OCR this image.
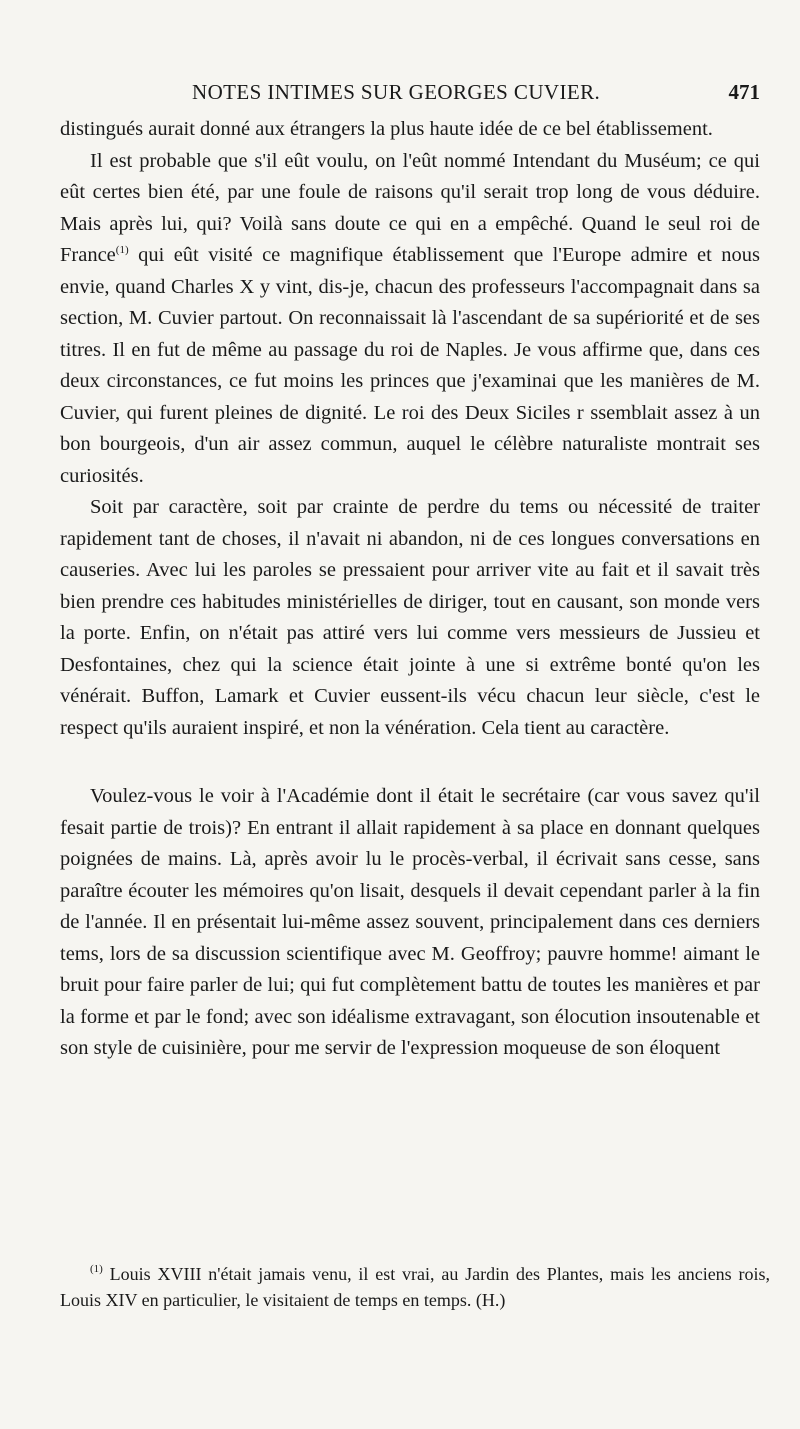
NOTES INTIMES SUR GEORGES CUVIER.	471

distingués aurait donné aux étrangers la plus haute idée de ce bel établissement.

Il est probable que s'il eût voulu, on l'eût nommé Intendant du Muséum; ce qui eût certes bien été, par une foule de raisons qu'il serait trop long de vous déduire. Mais après lui, qui? Voilà sans doute ce qui en a empêché. Quand le seul roi de France$^{(1)}$ qui eût visité ce magnifique établissement que l'Europe admire et nous envie, quand Charles X y vint, dis-je, chacun des professeurs l'accompagnait dans sa section, M. Cuvier partout. On reconnaissait là l'ascendant de sa supériorité et de ses titres. Il en fut de même au passage du roi de Naples. Je vous affirme que, dans ces deux circonstances, ce fut moins les princes que j'examinai que les manières de M. Cuvier, qui furent pleines de dignité. Le roi des Deux Siciles r ssemblait assez à un bon bourgeois, d'un air assez commun, auquel le célèbre naturaliste montrait ses curiosités.

Soit par caractère, soit par crainte de perdre du tems ou nécessité de traiter rapidement tant de choses, il n'avait ni abandon, ni de ces longues conversations en causeries. Avec lui les paroles se pressaient pour arriver vite au fait et il savait très bien prendre ces habitudes ministérielles de diriger, tout en causant, son monde vers la porte. Enfin, on n'était pas attiré vers lui comme vers messieurs de Jussieu et Desfontaines, chez qui la science était jointe à une si extrême bonté qu'on les vénérait. Buffon, Lamark et Cuvier eussent-ils vécu chacun leur siècle, c'est le respect qu'ils auraient inspiré, et non la vénération. Cela tient au caractère.

Voulez-vous le voir à l'Académie dont il était le secrétaire (car vous savez qu'il fesait partie de trois)? En entrant il allait rapidement à sa place en donnant quelques poignées de mains. Là, après avoir lu le procès-verbal, il écrivait sans cesse, sans paraître écouter les mémoires qu'on lisait, desquels il devait cependant parler à la fin de l'année. Il en présentait lui-même assez souvent, principalement dans ces derniers tems, lors de sa discussion scientifique avec M. Geoffroy; pauvre homme! aimant le bruit pour faire parler de lui; qui fut complètement battu de toutes les manières et par la forme et par le fond; avec son idéalisme extravagant, son élocution insoutenable et son style de cuisinière, pour me servir de l'expression moqueuse de son éloquent

$^{(1)}$ Louis XVIII n'était jamais venu, il est vrai, au Jardin des Plantes, mais les anciens rois, Louis XIV en particulier, le visitaient de temps en temps. (H.)
